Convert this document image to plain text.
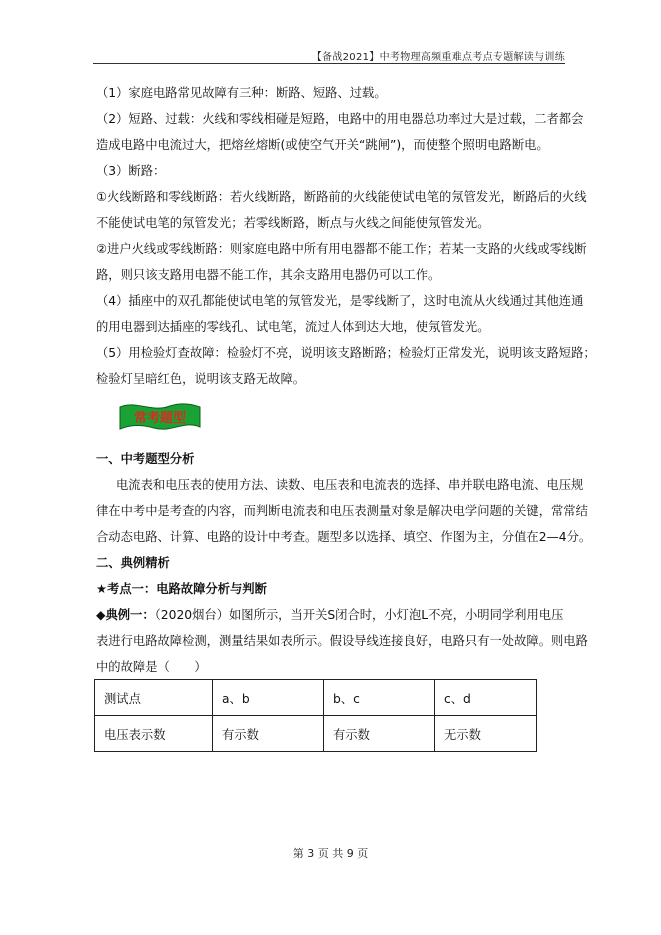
【备战2021】中考物理高频重难点考点专题解读与训练
（1）家庭电路常见故障有三种：断路、短路、过载。
（2）短路、过载：火线和零线相碰是短路，电路中的用电器总功率过大是过载，二者都会
造成电路中电流过大，把熔丝熔断(或使空气开关“跳闸”)，而使整个照明电路断电。
（3）断路：
①火线断路和零线断路：若火线断路，断路前的火线能使试电笔的氖管发光，断路后的火线
不能使试电笔的氖管发光；若零线断路，断点与火线之间能使氖管发光。
②进户火线或零线断路：则家庭电路中所有用电器都不能工作；若某一支路的火线或零线断
路，则只该支路用电器不能工作，其余支路用电器仍可以工作。
（4）插座中的双孔都能使试电笔的氖管发光，是零线断了，这时电流从火线通过其他连通
的用电器到达插座的零线孔、试电笔，流过人体到达大地，使氖管发光。
（5）用检验灯查故障：检验灯不亮，说明该支路断路；检验灯正常发光，说明该支路短路；
检验灯呈暗红色，说明该支路无故障。
常考题型
一、中考题型分析
电流表和电压表的使用方法、读数、电压表和电流表的选择、串并联电路电流、电压规
律在中考中是考查的内容，而判断电流表和电压表测量对象是解决电学问题的关键，常常结
合动态电路、计算、电路的设计中考查。题型多以选择、填空、作图为主，分值在2—4分。
二、典例精析
★考点一：电路故障分析与判断
◆典例一：（2020烟台）如图所示，当开关S闭合时，小灯泡L不亮，小明同学利用电压
表进行电路故障检测，测量结果如表所示。假设导线连接良好，电路只有一处故障。则电路
中的故障是（　　）
测试点	a、b	b、c	c、d
电压表示数	有示数	有示数	无示数
第 3 页 共 9 页
